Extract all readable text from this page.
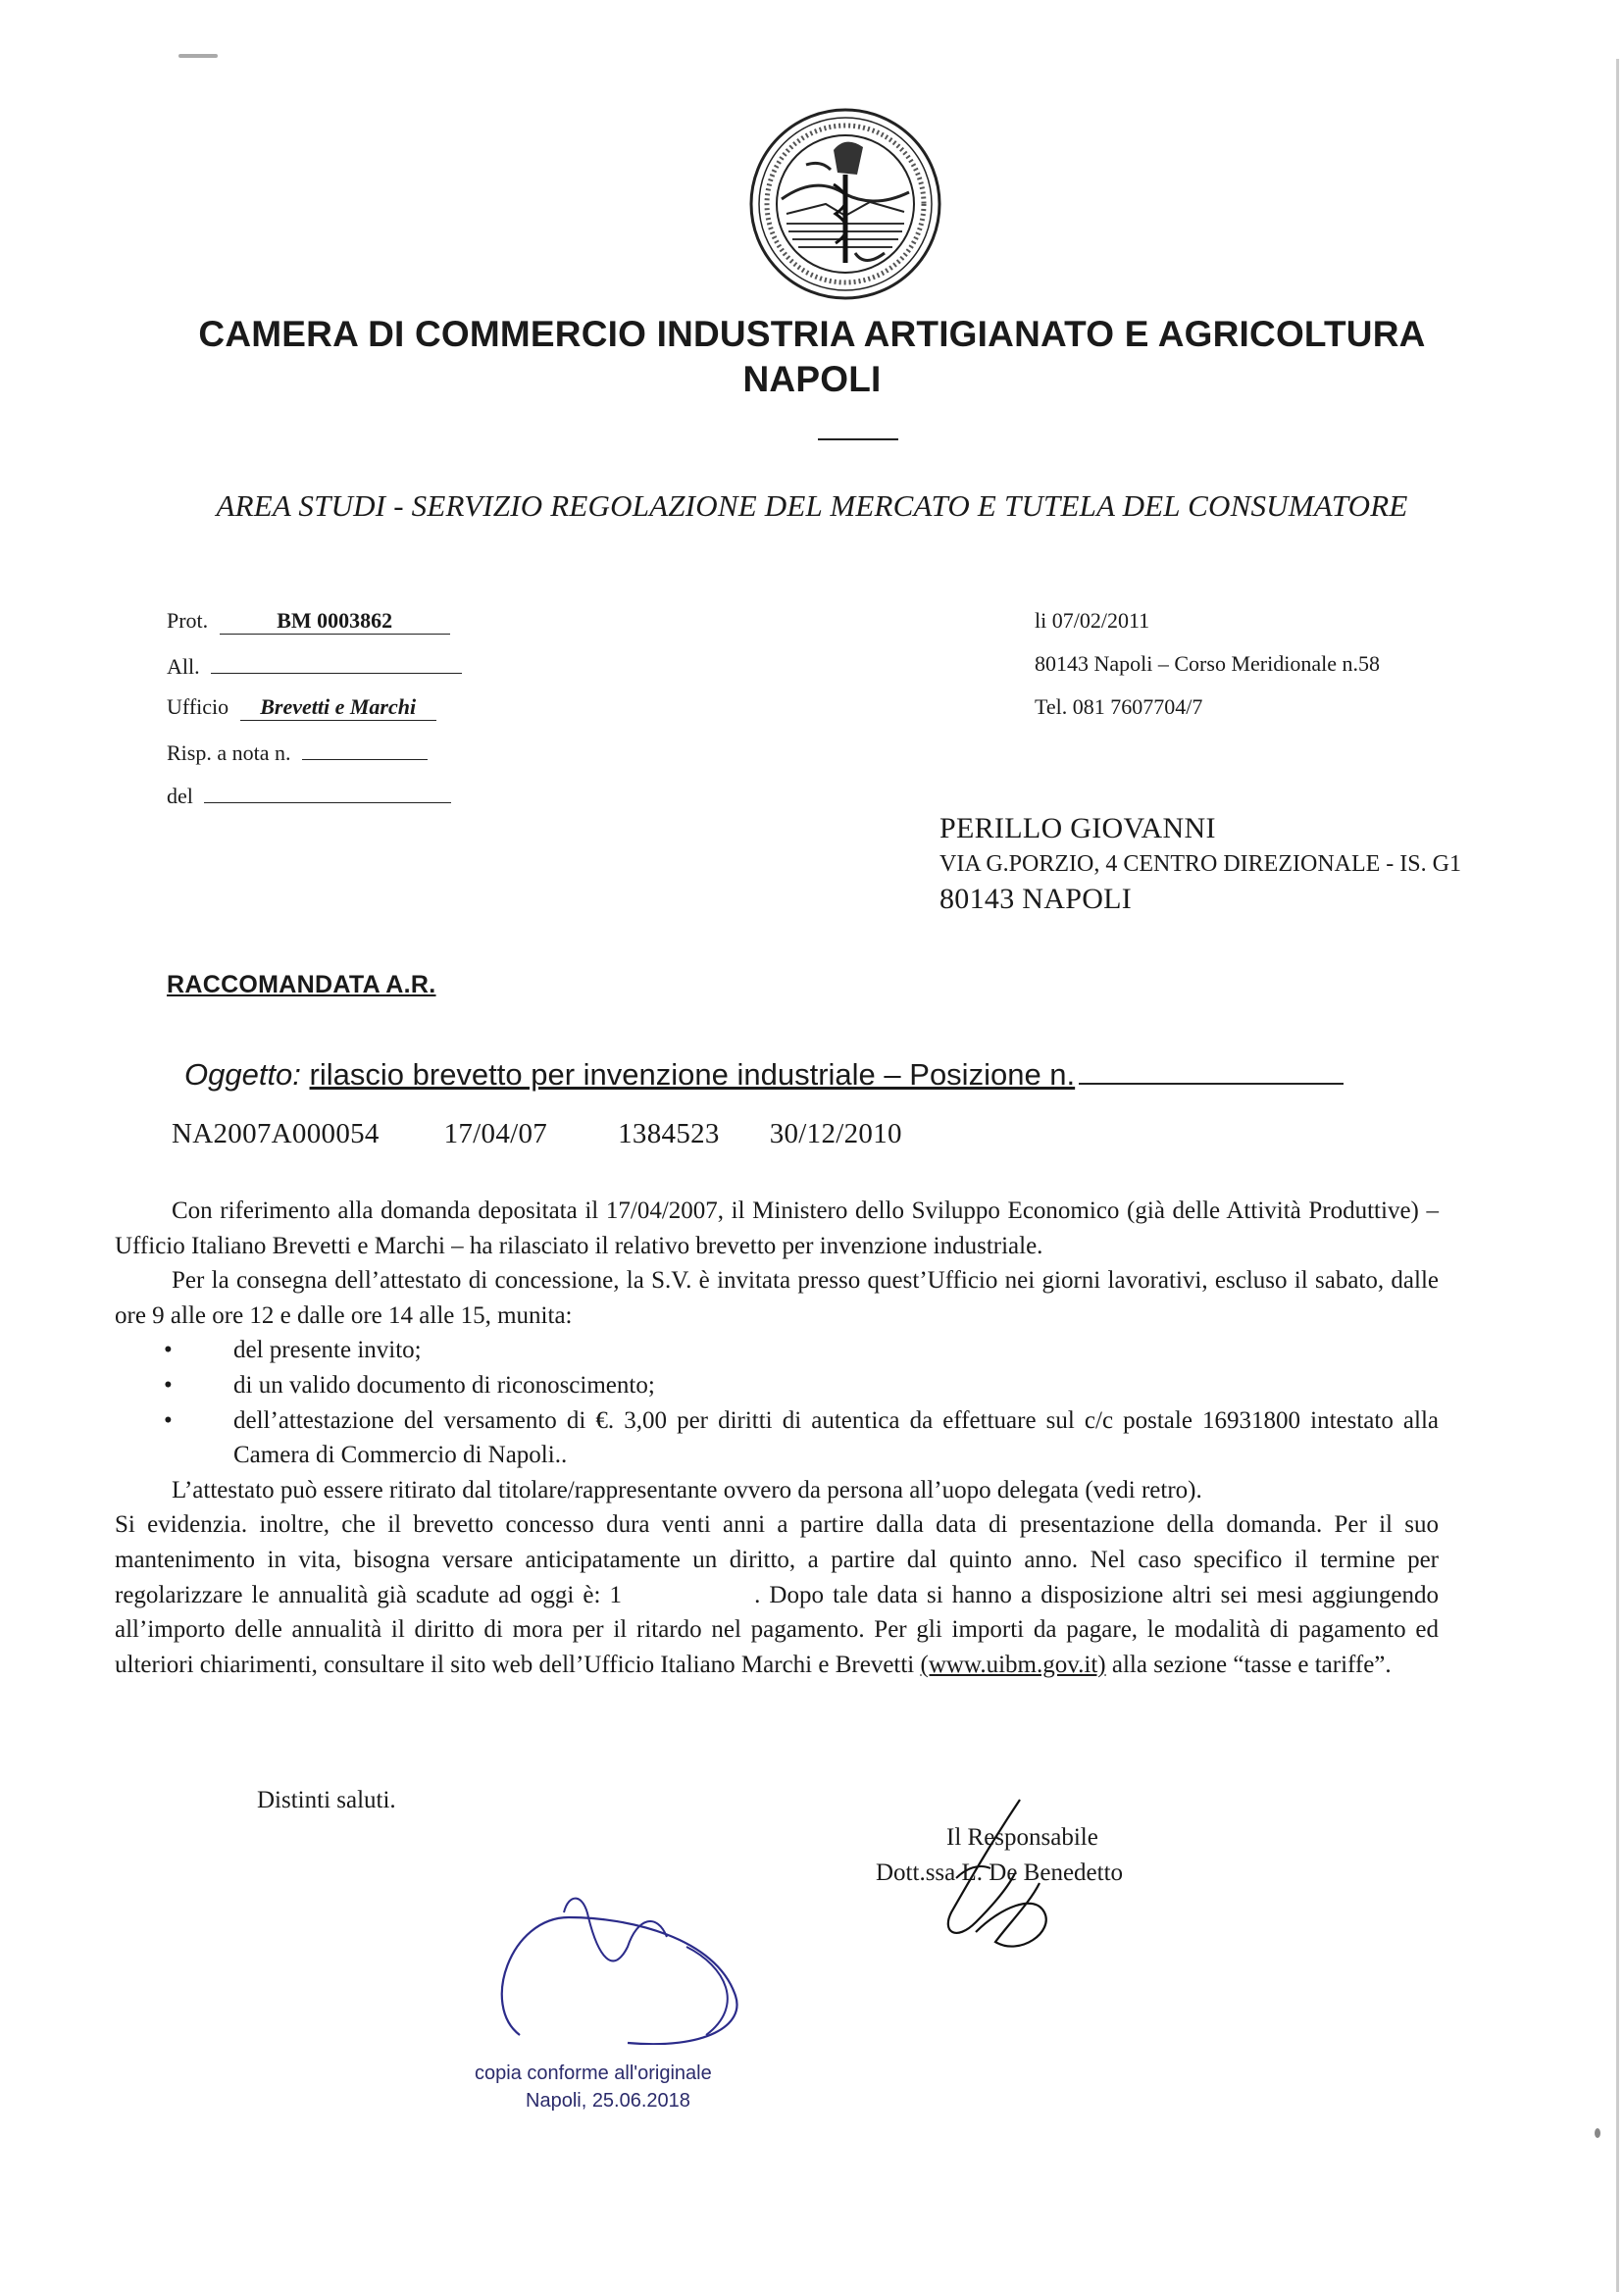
CAMERA DI COMMERCIO INDUSTRIA ARTIGIANATO E AGRICOLTURA
NAPOLI
AREA STUDI - SERVIZIO REGOLAZIONE DEL MERCATO E TUTELA DEL CONSUMATORE
Prot.	BM 0003862
All.
Ufficio Brevetti e Marchi
Risp. a nota n.
del
li 07/02/2011
80143 Napoli – Corso Meridionale n.58
Tel. 081 7607704/7
PERILLO GIOVANNI
VIA G.PORZIO, 4 CENTRO DIREZIONALE - IS. G1
80143 NAPOLI
RACCOMANDATA A.R.
Oggetto: rilascio brevetto per invenzione industriale – Posizione n.
NA2007A000054 17/04/07 1384523 30/12/2010

Con riferimento alla domanda depositata il 17/04/2007, il Ministero dello Sviluppo Economico (già delle Attività Produttive) – Ufficio Italiano Brevetti e Marchi – ha rilasciato il relativo brevetto per invenzione industriale.

Per la consegna dell’attestato di concessione, la S.V. è invitata presso quest’Ufficio nei giorni lavorativi, escluso il sabato, dalle ore 9 alle ore 12 e dalle ore 14 alle 15, munita:

• del presente invito;
• di un valido documento di riconoscimento;
• dell’attestazione del versamento di €. 3,00 per diritti di autentica da effettuare sul c/c postale 16931800 intestato alla Camera di Commercio di Napoli..

L’attestato può essere ritirato dal titolare/rappresentante ovvero da persona all’uopo delegata (vedi retro).

Si evidenzia. inoltre, che il brevetto concesso dura venti anni a partire dalla data di presentazione della domanda. Per il suo mantenimento in vita, bisogna versare anticipatamente un diritto, a partire dal quinto anno. Nel caso specifico il termine per regolarizzare le annualità già scadute ad oggi è: 1	. Dopo tale data si hanno a disposizione altri sei mesi aggiungendo all’importo delle annualità il diritto di mora per il ritardo nel pagamento. Per gli importi da pagare, le modalità di pagamento ed ulteriori chiarimenti, consultare il sito web dell’Ufficio Italiano Marchi e Brevetti (www.uibm.gov.it) alla sezione “tasse e tariffe”.

Distinti saluti.
Il Responsabile
Dott.ssa L. De Benedetto
copia conforme all'originale
Napoli, 25.06.2018
